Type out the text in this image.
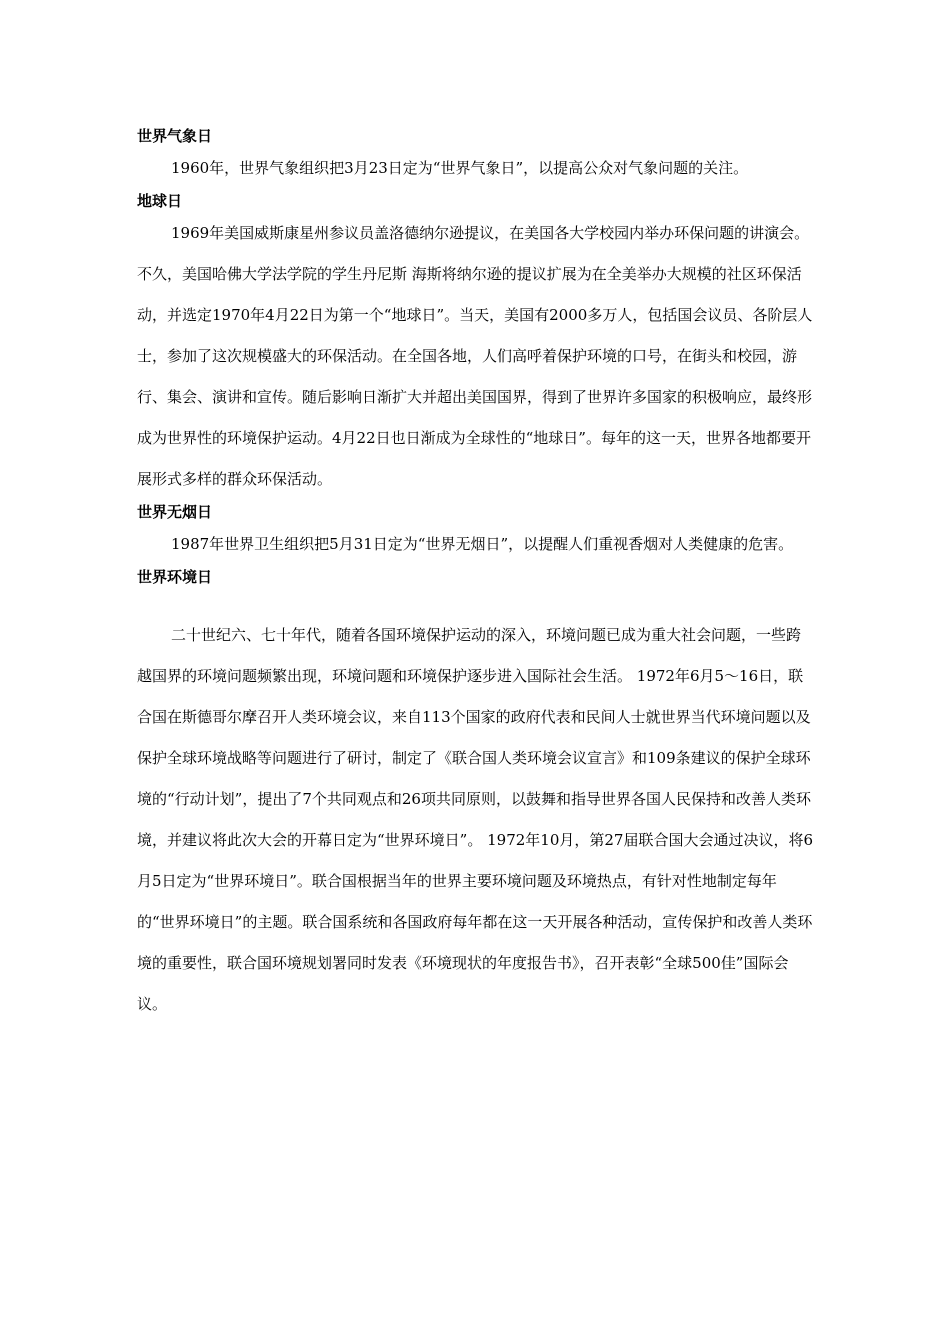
世界气象日
1960年，世界气象组织把3月23日定为“世界气象日”，以提高公众对气象问题的关注。
地球日
1969年美国威斯康星州参议员盖洛德纳尔逊提议，在美国各大学校园内举办环保问题的讲演会。不久，美国哈佛大学法学院的学生丹尼斯 海斯将纳尔逊的提议扩展为在全美举办大规模的社区环保活动，并选定1970年4月22日为第一个“地球日”。当天，美国有2000多万人，包括国会议员、各阶层人士，参加了这次规模盛大的环保活动。在全国各地，人们高呼着保护环境的口号，在街头和校园，游行、集会、演讲和宣传。随后影响日渐扩大并超出美国国界，得到了世界许多国家的积极响应，最终形成为世界性的环境保护运动。4月22日也日渐成为全球性的“地球日”。每年的这一天，世界各地都要开展形式多样的群众环保活动。
世界无烟日
1987年世界卫生组织把5月31日定为“世界无烟日”，以提醒人们重视香烟对人类健康的危害。
世界环境日
二十世纪六、七十年代，随着各国环境保护运动的深入，环境问题已成为重大社会问题，一些跨越国界的环境问题频繁出现，环境问题和环境保护逐步进入国际社会生活。 1972年6月5～16日，联合国在斯德哥尔摩召开人类环境会议，来自113个国家的政府代表和民间人士就世界当代环境问题以及保护全球环境战略等问题进行了研讨，制定了《联合国人类环境会议宣言》和109条建议的保护全球环境的“行动计划”，提出了7个共同观点和26项共同原则，以鼓舞和指导世界各国人民保持和改善人类环境，并建议将此次大会的开幕日定为“世界环境日”。 1972年10月，第27届联合国大会通过决议，将6月5日定为“世界环境日”。联合国根据当年的世界主要环境问题及环境热点，有针对性地制定每年的“世界环境日”的主题。联合国系统和各国政府每年都在这一天开展各种活动，宣传保护和改善人类环境的重要性，联合国环境规划署同时发表《环境现状的年度报告书》，召开表彰“全球500佳”国际会议。
